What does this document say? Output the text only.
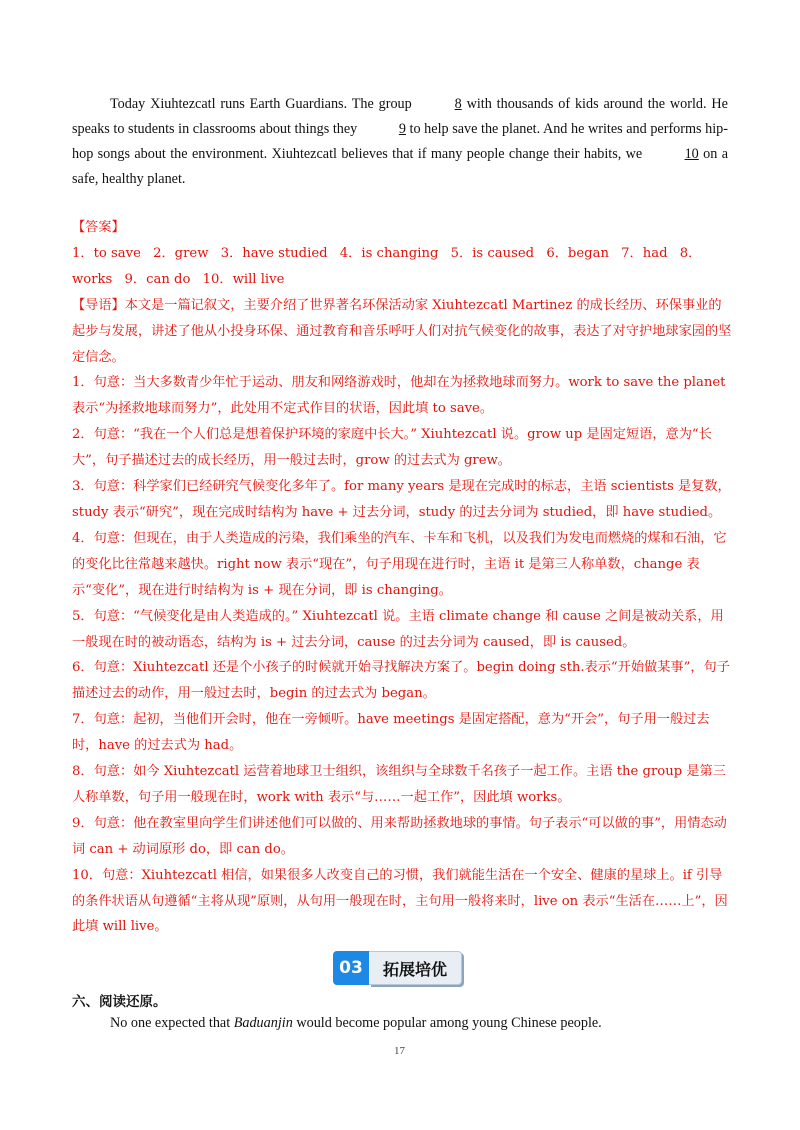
Today Xiuhtezcatl runs Earth Guardians. The group	8 with thousands of kids around the world. He speaks to students in classrooms about things they	9 to help save the planet. And he writes and performs hip-hop songs about the environment. Xiuhtezcatl believes that if many people change their habits, we	10 on a safe, healthy planet.

【答案】

1．to save 2．grew 3．have studied 4．is changing 5．is caused 6．began 7．had 8．works 9．can do 10．will live

【导语】本文是一篇记叙文，主要介绍了世界著名环保活动家 Xiuhtezcatl Martinez 的成长经历、环保事业的起步与发展，讲述了他从小投身环保、通过教育和音乐呼吁人们对抗气候变化的故事，表达了对守护地球家园的坚定信念。

1．句意：当大多数青少年忙于运动、朋友和网络游戏时，他却在为拯救地球而努力。work to save the planet 表示“为拯救地球而努力”，此处用不定式作目的状语，因此填 to save。

2．句意：“我在一个人们总是想着保护环境的家庭中长大。” Xiuhtezcatl 说。grow up 是固定短语，意为“长大”，句子描述过去的成长经历，用一般过去时，grow 的过去式为 grew。

3．句意：科学家们已经研究气候变化多年了。for many years 是现在完成时的标志，主语 scientists 是复数，study 表示“研究”，现在完成时结构为 have + 过去分词，study 的过去分词为 studied，即 have studied。

4．句意：但现在，由于人类造成的污染，我们乘坐的汽车、卡车和飞机，以及我们为发电而燃烧的煤和石油，它的变化比往常越来越快。right now 表示“现在”，句子用现在进行时，主语 it 是第三人称单数，change 表示“变化”，现在进行时结构为 is + 现在分词，即 is changing。

5．句意：“气候变化是由人类造成的。” Xiuhtezcatl 说。主语 climate change 和 cause 之间是被动关系，用一般现在时的被动语态，结构为 is + 过去分词，cause 的过去分词为 caused，即 is caused。

6．句意：Xiuhtezcatl 还是个小孩子的时候就开始寻找解决方案了。begin doing sth.表示“开始做某事”，句子描述过去的动作，用一般过去时，begin 的过去式为 began。

7．句意：起初，当他们开会时，他在一旁倾听。have meetings 是固定搭配，意为“开会”，句子用一般过去时，have 的过去式为 had。

8．句意：如今 Xiuhtezcatl 运营着地球卫士组织，该组织与全球数千名孩子一起工作。主语 the group 是第三人称单数，句子用一般现在时，work with 表示“与……一起工作”，因此填 works。

9．句意：他在教室里向学生们讲述他们可以做的、用来帮助拯救地球的事情。句子表示“可以做的事”，用情态动词 can + 动词原形 do，即 can do。

10．句意：Xiuhtezcatl 相信，如果很多人改变自己的习惯，我们就能生活在一个安全、健康的星球上。if 引导的条件状语从句遵循“主将从现”原则，从句用一般现在时，主句用一般将来时，live on 表示“生活在……上”，因此填 will live。

03	拓展培优
六、阅读还原。
No one expected that Baduanjin would become popular among young Chinese people.
17
